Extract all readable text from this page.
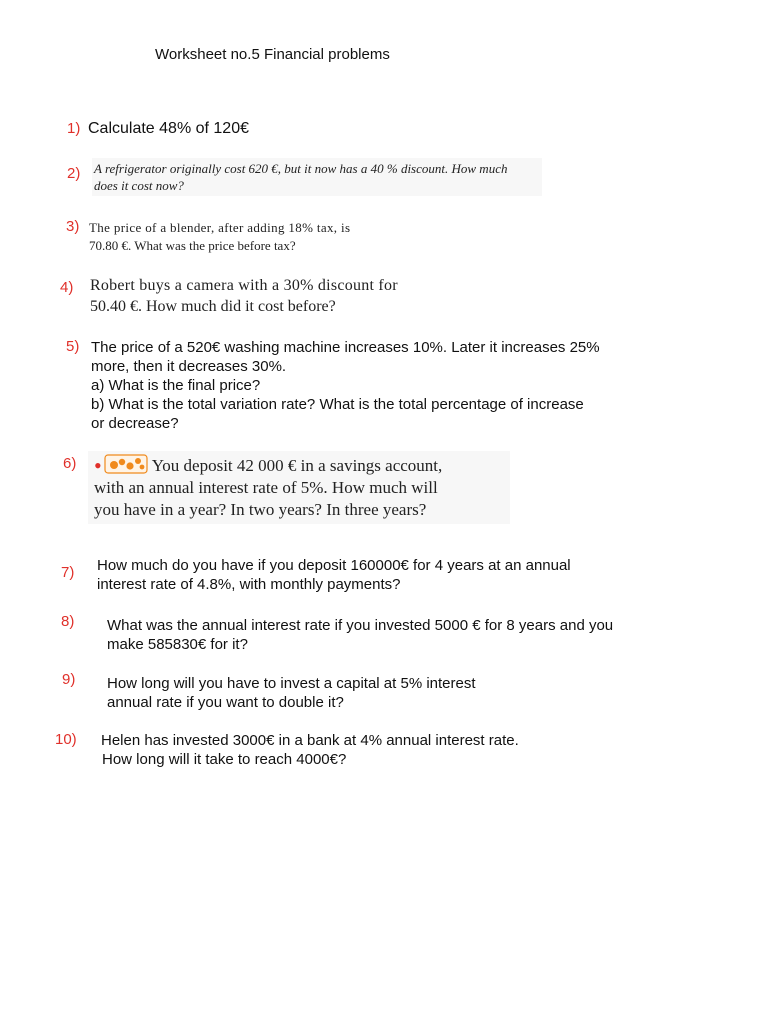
Worksheet no.5 Financial problems
1) Calculate 48% of 120€
2) A refrigerator originally cost 620 €, but it now has a 40 % discount. How much
does it cost now?
3) The price of a blender, after adding 18% tax, is
70.80 €. What was the price before tax?
4) Robert buys a camera with a 30% discount for
50.40 €. How much did it cost before?
5) The price of a 520€ washing machine increases 10%. Later it increases 25%
more, then it decreases 30%.
a) What is the final price?
b) What is the total variation rate? What is the total percentage of increase
or decrease?
6) •	You deposit 42 000 € in a savings account,
with an annual interest rate of 5%. How much will
you have in a year? In two years? In three years?
7) How much do you have if you deposit 160000€ for 4 years at an annual
interest rate of 4.8%, with monthly payments?
8) What was the annual interest rate if you invested 5000 € for 8 years and you
make 585830€ for it?
9) How long will you have to invest a capital at 5% interest
annual rate if you want to double it?
10) Helen has invested 3000€ in a bank at 4% annual interest rate.
How long will it take to reach 4000€?
